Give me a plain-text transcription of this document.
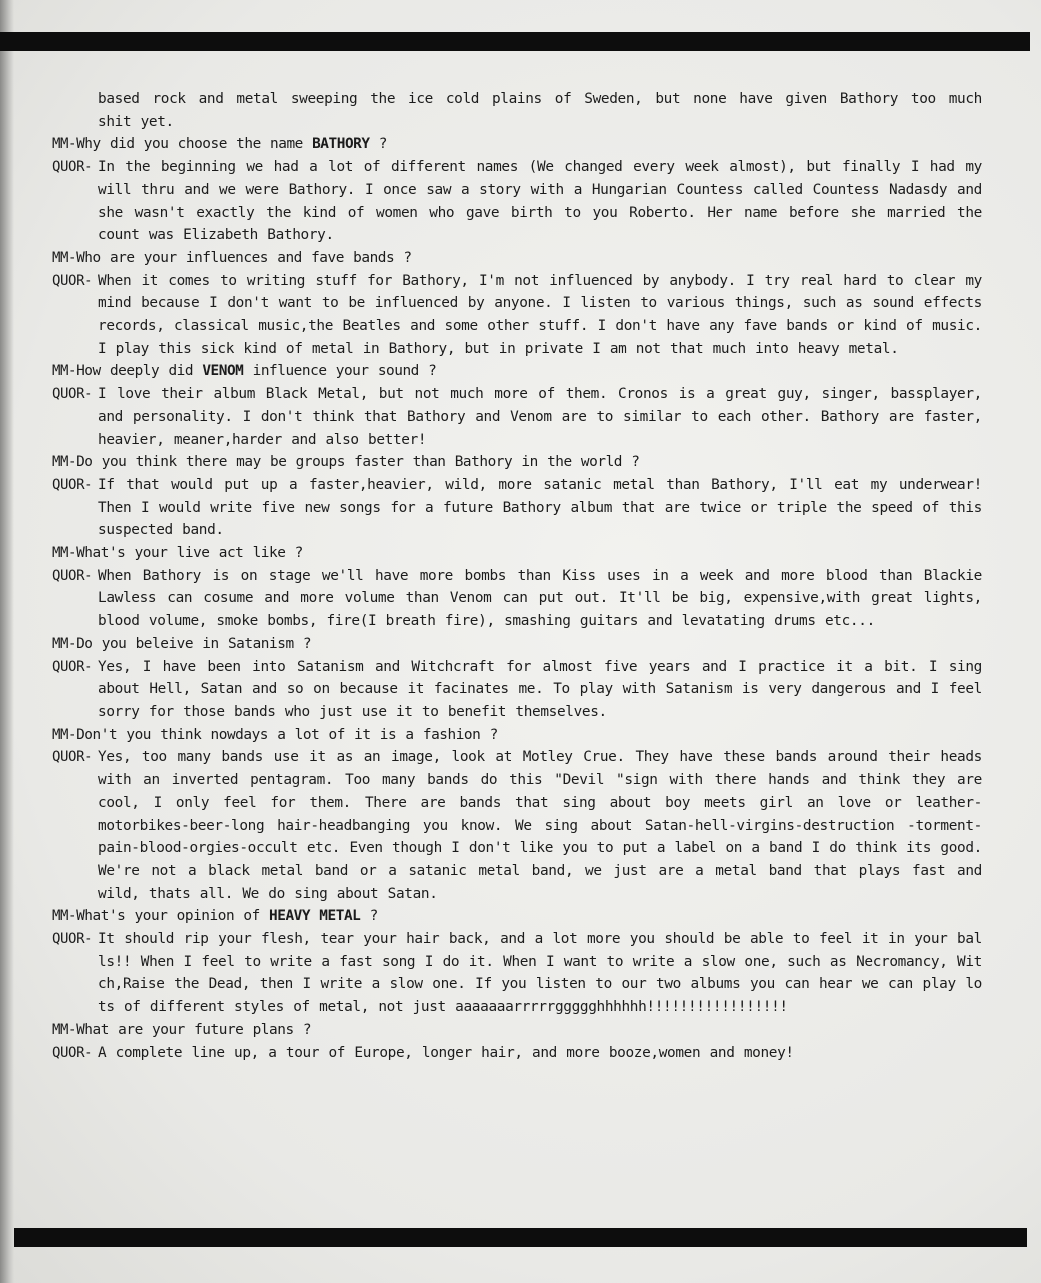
based rock and metal sweeping the ice cold plains of Sweden, but none have given Bathory too much
shit yet.
MM- Why did you choose the name BATHORY ?
QUOR- In the beginning we had a lot of different names (We changed every week almost), but finally I had my will thru and we were Bathory. I once saw a story with a Hungarian Countess called Countess Nadasdy and she wasn't exactly the kind of women who gave birth to you Roberto. Her name before she married the count was Elizabeth Bathory.
MM- Who are your influences and fave bands ?
QUOR- When it comes to writing stuff for Bathory, I'm not influenced by anybody. I try real hard to clear my mind because I don't want to be influenced by anyone. I listen to various things, such as sound effects records, classical music,the Beatles and some other stuff. I don't have any fave bands or kind of music. I play this sick kind of metal in Bathory, but in private I am not that much into heavy metal.
MM- How deeply did VENOM influence your sound ?
QUOR- I love their album Black Metal, but not much more of them. Cronos is a great guy, singer, bassplayer, and personality. I don't think that Bathory and Venom are to similar to each other. Bathory are faster, heavier, meaner,harder and also better!
MM- Do you think there may be groups faster than Bathory in the world ?
QUOR- If that would put up a faster,heavier, wild, more satanic metal than Bathory, I'll eat my underwear! Then I would write five new songs for a future Bathory album that are twice or triple the speed of this suspected band.
MM- What's your live act like ?
QUOR- When Bathory is on stage we'll have more bombs than Kiss uses in a week and more blood than Blackie Lawless can cosume and more volume than Venom can put out. It'll be big, expensive,with great lights, blood volume, smoke bombs, fire(I breath fire), smashing guitars and levatating drums etc...
MM- Do you beleive in Satanism ?
QUOR- Yes, I have been into Satanism and Witchcraft for almost five years and I practice it a bit. I sing about Hell, Satan and so on because it facinates me. To play with Satanism is very dangerous and I feel sorry for those bands who just use it to benefit themselves.
MM- Don't you think nowdays a lot of it is a fashion ?
QUOR- Yes, too many bands use it as an image, look at Motley Crue. They have these bands around their heads with an inverted pentagram. Too many bands do this "Devil "sign with there hands and think they are cool, I only feel for them. There are bands that sing about boy meets girl an love or leather-motorbikes-beer-long hair-headbanging you know. We sing about Satan-hell-virgins-destruction -torment-pain-blood-orgies-occult etc. Even though I don't like you to put a label on a band I do think its good. We're not a black metal band or a satanic metal band, we just are a metal band that plays fast and wild, thats all. We do sing about Satan.
MM- What's your opinion of HEAVY METAL ?
QUOR- It should rip your flesh, tear your hair back, and a lot more you should be able to feel it in your balls!! When I feel to write a fast song I do it. When I want to write a slow one, such as Necromancy, Witch,Raise the Dead, then I write a slow one. If you listen to our two albums you can hear we can play lots of different styles of metal, not just aaaaaaarrrrrggggghhhhhh!!!!!!!!!!!!!!!!!
MM- What are your future plans ?
QUOR- A complete line up, a tour of Europe, longer hair, and more booze,women and money!
